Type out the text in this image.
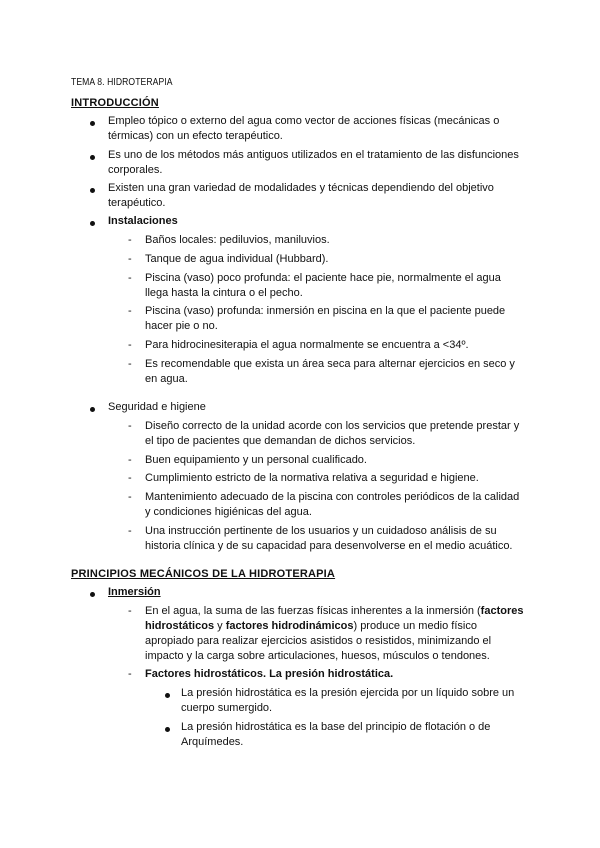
TEMA 8. HIDROTERAPIA
INTRODUCCIÓN
Empleo tópico o externo del agua como vector de acciones físicas (mecánicas o
térmicas) con un efecto terapéutico.
Es uno de los métodos más antiguos utilizados en el tratamiento de las disfunciones
corporales.
Existen una gran variedad de modalidades y técnicas dependiendo del objetivo
terapéutico.
Instalaciones
- Baños locales: pediluvios, maniluvios.
- Tanque de agua individual (Hubbard).
- Piscina (vaso) poco profunda: el paciente hace pie, normalmente el agua
llega hasta la cintura o el pecho.
- Piscina (vaso) profunda: inmersión en piscina en la que el paciente puede
hacer pie o no.
- Para hidrocinesiterapia el agua normalmente se encuentra a <34º.
- Es recomendable que exista un área seca para alternar ejercicios en seco y
en agua.
Seguridad e higiene
- Diseño correcto de la unidad acorde con los servicios que pretende prestar y
el tipo de pacientes que demandan de dichos servicios.
- Buen equipamiento y un personal cualificado.
- Cumplimiento estricto de la normativa relativa a seguridad e higiene.
- Mantenimiento adecuado de la piscina con controles periódicos de la calidad
y condiciones higiénicas del agua.
- Una instrucción pertinente de los usuarios y un cuidadoso análisis de su
historia clínica y de su capacidad para desenvolverse en el medio acuático.
PRINCIPIOS MECÁNICOS DE LA HIDROTERAPIA
Inmersión
- En el agua, la suma de las fuerzas físicas inherentes a la inmersión (factores
hidrostáticos y factores hidrodinámicos) produce un medio físico
apropiado para realizar ejercicios asistidos o resistidos, minimizando el
impacto y la carga sobre articulaciones, huesos, músculos o tendones.
- Factores hidrostáticos. La presión hidrostática.
La presión hidrostática es la presión ejercida por un líquido sobre un
cuerpo sumergido.
La presión hidrostática es la base del principio de flotación o de
Arquímedes.
